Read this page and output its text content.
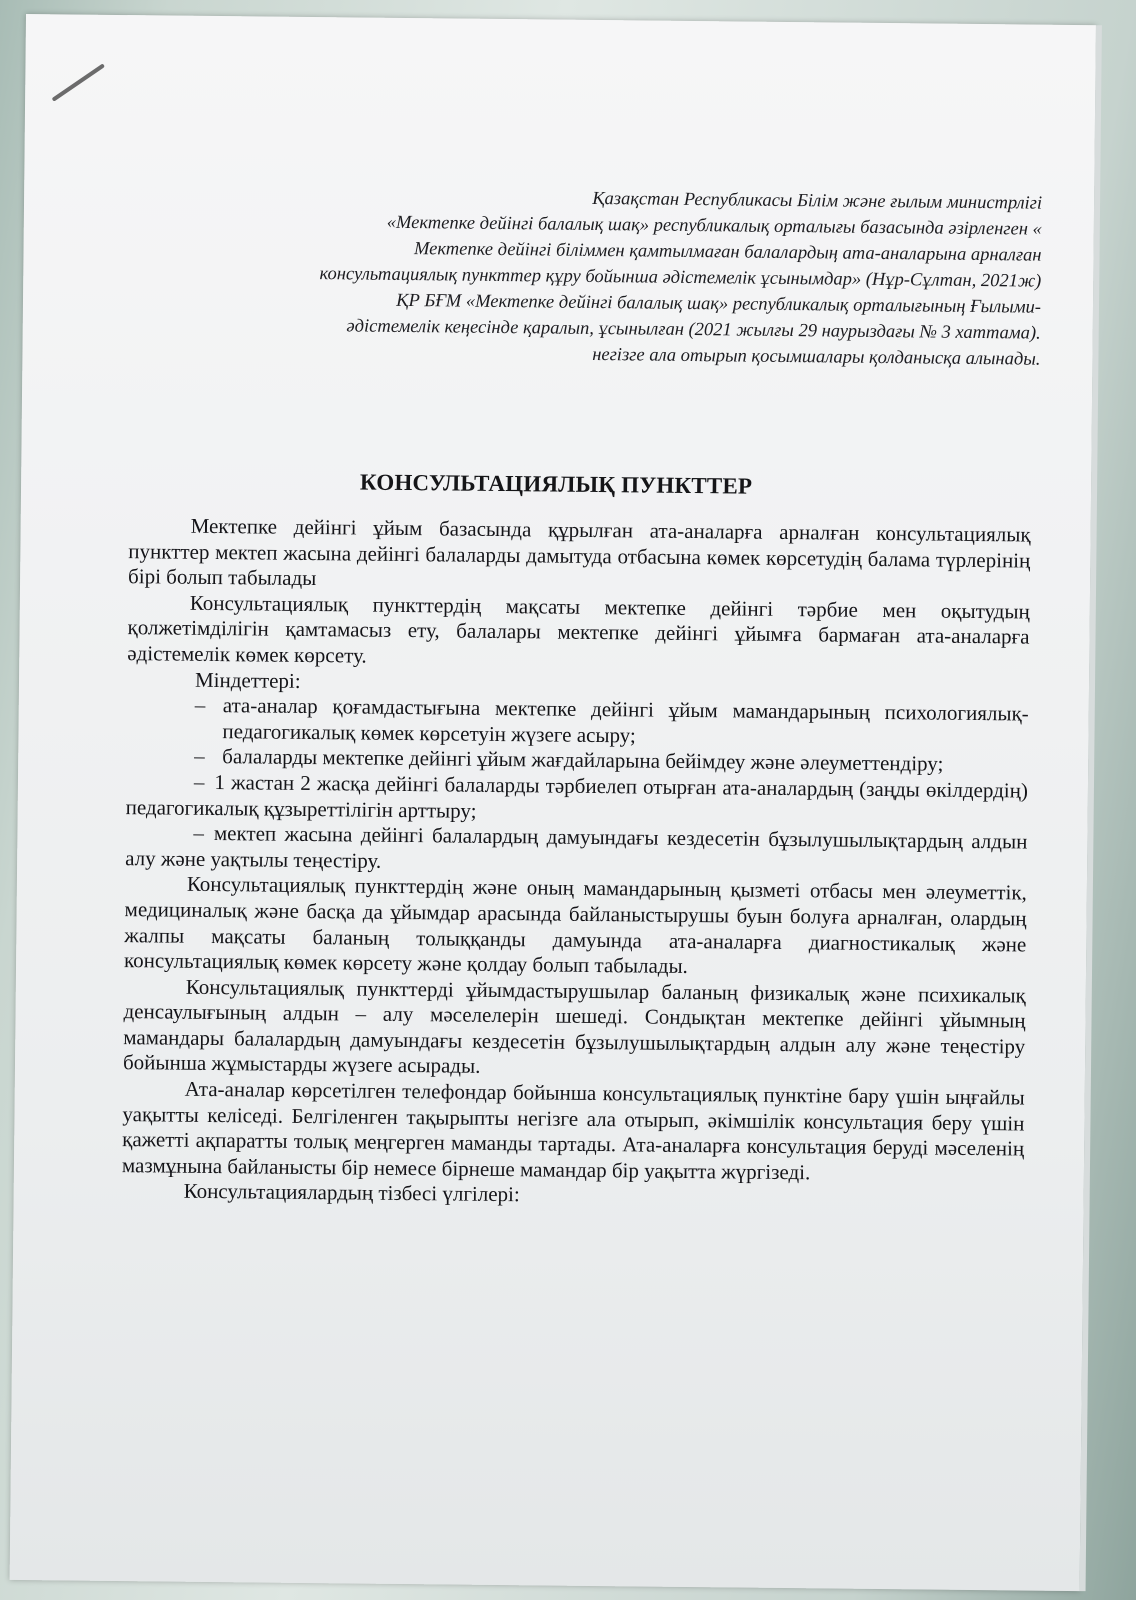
Қазақстан Республикасы Білім және ғылым министрлігі
«Мектепке дейінгі балалық шақ» республикалық орталығы базасында әзірленген «
Мектепке дейінгі біліммен қамтылмаған балалардың ата-аналарына арналған
консультациялық пункттер құру бойынша әдістемелік ұсынымдар» (Нұр-Сұлтан, 2021ж)
ҚР БҒМ «Мектепке дейінгі балалық шақ» республикалық орталығының Ғылыми-
әдістемелік кеңесінде қаралып, ұсынылған (2021 жылғы 29 наурыздағы № 3 хаттама).
негізге ала отырып қосымшалары қолданысқа алынады.
КОНСУЛЬТАЦИЯЛЫҚ ПУНКТТЕР

Мектепке дейінгі ұйым базасында құрылған ата-аналарға арналған консультациялық пункттер мектеп жасына дейінгі балаларды дамытуда отбасына көмек көрсетудің балама түрлерінің бірі болып табылады

Консультациялық пункттердің мақсаты мектепке дейінгі тәрбие мен оқытудың қолжетімділігін қамтамасыз ету, балалары мектепке дейінгі ұйымға бармаған ата-аналарға әдістемелік көмек көрсету.

Міндеттері:

– ата-аналар қоғамдастығына мектепке дейінгі ұйым мамандарының психологиялық-педагогикалық көмек көрсетуін жүзеге асыру;

– балаларды мектепке дейінгі ұйым жағдайларына бейімдеу және әлеуметтендіру;

– 1 жастан 2 жасқа дейінгі балаларды тәрбиелеп отырған ата-аналардың (заңды өкілдердің) педагогикалық құзыреттілігін арттыру;

– мектеп жасына дейінгі балалардың дамуындағы кездесетін бұзылушылықтардың алдын алу және уақтылы теңестіру.

Консультациялық пункттердің және оның мамандарының қызметі отбасы мен әлеуметтік, медициналық және басқа да ұйымдар арасында байланыстырушы буын болуға арналған, олардың жалпы мақсаты баланың толыққанды дамуында ата-аналарға диагностикалық және консультациялық көмек көрсету және қолдау болып табылады.

Консультациялық пункттерді ұйымдастырушылар баланың физикалық және психикалық денсаулығының алдын – алу мәселелерін шешеді. Сондықтан мектепке дейінгі ұйымның мамандары балалардың дамуындағы кездесетін бұзылушылықтардың алдын алу және теңестіру бойынша жұмыстарды жүзеге асырады.

Ата-аналар көрсетілген телефондар бойынша консультациялық пунктіне бару үшін ыңғайлы уақытты келіседі. Белгіленген тақырыпты негізге ала отырып, әкімшілік консультация беру үшін қажетті ақпаратты толық меңгерген маманды тартады. Ата-аналарға консультация беруді мәселенің мазмұнына байланысты бір немесе бірнеше мамандар бір уақытта жүргізеді.

Консультациялардың тізбесі үлгілері:
